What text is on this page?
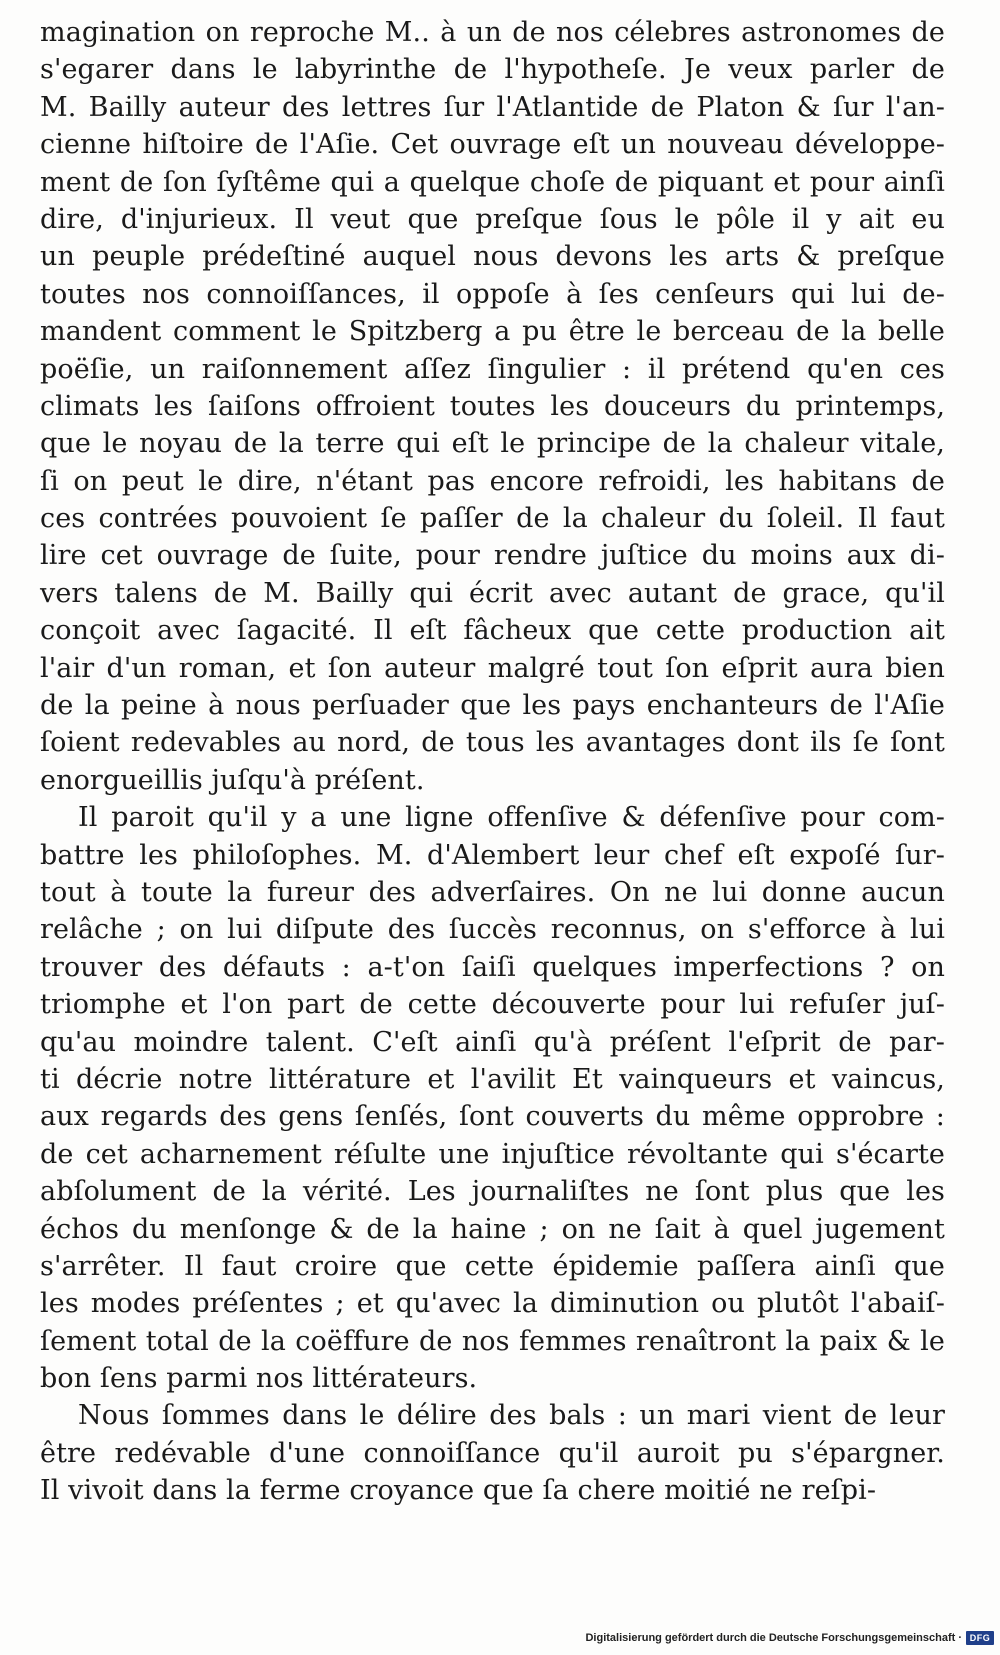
magination on reproche M.. à un de nos célebres astronomes de
s'egarer dans le labyrinthe de l'hypotheſe. Je veux parler de
M. Bailly auteur des lettres ſur l'Atlantide de Platon & ſur l'an-
cienne hiſtoire de l'Aſie. Cet ouvrage eſt un nouveau développe-
ment de ſon ſyſtême qui a quelque choſe de piquant et pour ainſi
dire, d'injurieux. Il veut que preſque ſous le pôle il y ait eu
un peuple prédeſtiné auquel nous devons les arts & preſque
toutes nos connoiſſances, il oppoſe à ſes cenſeurs qui lui de-
mandent comment le Spitzberg a pu être le berceau de la belle
poëſie, un raiſonnement aſſez ſingulier : il prétend qu'en ces
climats les ſaiſons offroient toutes les douceurs du printemps,
que le noyau de la terre qui eſt le principe de la chaleur vitale,
ſi on peut le dire, n'étant pas encore refroidi, les habitans de
ces contrées pouvoient ſe paſſer de la chaleur du ſoleil. Il faut
lire cet ouvrage de ſuite, pour rendre juſtice du moins aux di-
vers talens de M. Bailly qui écrit avec autant de grace, qu'il
conçoit avec ſagacité. Il eſt fâcheux que cette production ait
l'air d'un roman, et ſon auteur malgré tout ſon eſprit aura bien
de la peine à nous perſuader que les pays enchanteurs de l'Aſie
ſoient redevables au nord, de tous les avantages dont ils ſe ſont
enorgueillis juſqu'à préſent.
Il paroit qu'il y a une ligne offenſive & défenſive pour com-
battre les philoſophes. M. d'Alembert leur chef eſt expoſé ſur-
tout à toute la fureur des adverſaires. On ne lui donne aucun
relâche ; on lui diſpute des ſuccès reconnus, on s'efforce à lui
trouver des défauts : a-t'on ſaiſi quelques imperfections ? on
triomphe et l'on part de cette découverte pour lui refuſer juſ-
qu'au moindre talent. C'eſt ainſi qu'à préſent l'eſprit de par-
ti décrie notre littérature et l'avilit Et vainqueurs et vaincus,
aux regards des gens ſenſés, ſont couverts du même opprobre :
de cet acharnement réſulte une injuſtice révoltante qui s'écarte
abſolument de la vérité. Les journaliſtes ne ſont plus que les
échos du menſonge & de la haine ; on ne ſait à quel jugement
s'arrêter. Il faut croire que cette épidemie paſſera ainſi que
les modes préſentes ; et qu'avec la diminution ou plutôt l'abaiſ-
ſement total de la coëffure de nos femmes renaîtront la paix & le
bon ſens parmi nos littérateurs.
Nous ſommes dans le délire des bals : un mari vient de leur
être redévable d'une connoiſſance qu'il auroit pu s'épargner.
Il vivoit dans la ferme croyance que ſa chere moitié ne reſpi-
Digitalisierung gefördert durch die Deutsche Forschungsgemeinschaft · DFG
